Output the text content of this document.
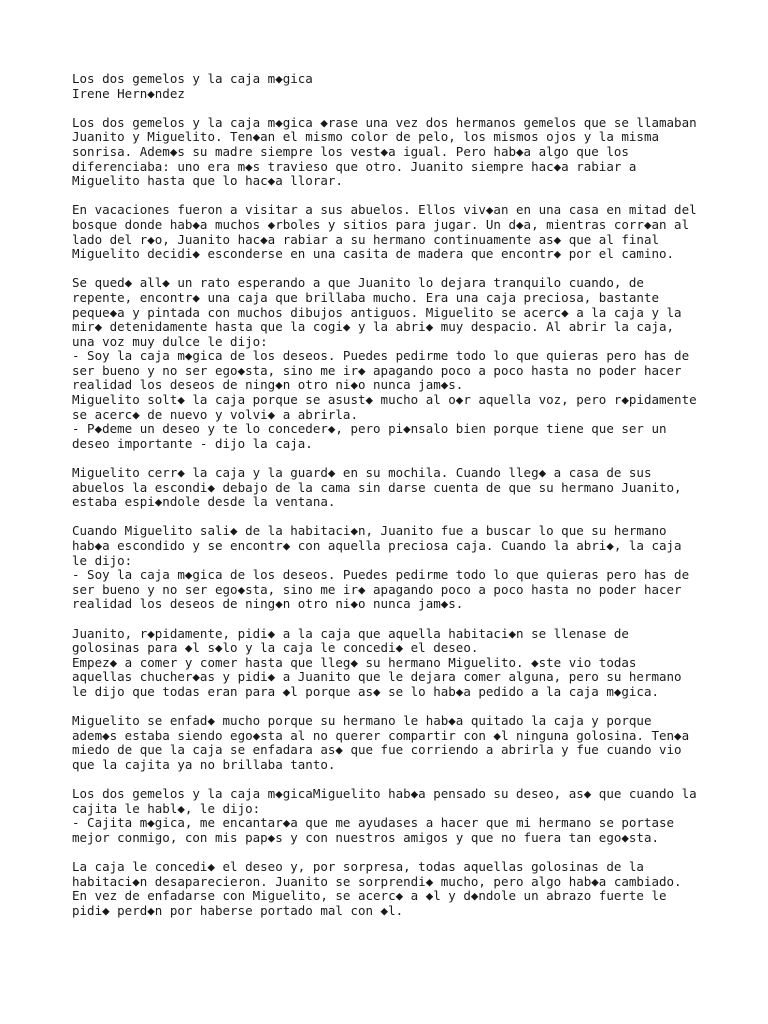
Los dos gemelos y la caja m◆gica
Irene Hern◆ndez
Los dos gemelos y la caja m◆gica ◆rase una vez dos hermanos gemelos que se llamaban
Juanito y Miguelito. Ten◆an el mismo color de pelo, los mismos ojos y la misma
sonrisa. Adem◆s su madre siempre los vest◆a igual. Pero hab◆a algo que los
diferenciaba: uno era m◆s travieso que otro. Juanito siempre hac◆a rabiar a
Miguelito hasta que lo hac◆a llorar.
En vacaciones fueron a visitar a sus abuelos. Ellos viv◆an en una casa en mitad del
bosque donde hab◆a muchos ◆rboles y sitios para jugar. Un d◆a, mientras corr◆an al
lado del r◆o, Juanito hac◆a rabiar a su hermano continuamente as◆ que al final
Miguelito decidi◆ esconderse en una casita de madera que encontr◆ por el camino.
Se qued◆ all◆ un rato esperando a que Juanito lo dejara tranquilo cuando, de
repente, encontr◆ una caja que brillaba mucho. Era una caja preciosa, bastante
peque◆a y pintada con muchos dibujos antiguos. Miguelito se acerc◆ a la caja y la
mir◆ detenidamente hasta que la cogi◆ y la abri◆ muy despacio. Al abrir la caja,
una voz muy dulce le dijo:
- Soy la caja m◆gica de los deseos. Puedes pedirme todo lo que quieras pero has de
ser bueno y no ser ego◆sta, sino me ir◆ apagando poco a poco hasta no poder hacer
realidad los deseos de ning◆n otro ni◆o nunca jam◆s.
Miguelito solt◆ la caja porque se asust◆ mucho al o◆r aquella voz, pero r◆pidamente
se acerc◆ de nuevo y volvi◆ a abrirla.
- P◆deme un deseo y te lo conceder◆, pero pi◆nsalo bien porque tiene que ser un
deseo importante - dijo la caja.
Miguelito cerr◆ la caja y la guard◆ en su mochila. Cuando lleg◆ a casa de sus
abuelos la escondi◆ debajo de la cama sin darse cuenta de que su hermano Juanito,
estaba espi◆ndole desde la ventana.
Cuando Miguelito sali◆ de la habitaci◆n, Juanito fue a buscar lo que su hermano
hab◆a escondido y se encontr◆ con aquella preciosa caja. Cuando la abri◆, la caja
le dijo:
- Soy la caja m◆gica de los deseos. Puedes pedirme todo lo que quieras pero has de
ser bueno y no ser ego◆sta, sino me ir◆ apagando poco a poco hasta no poder hacer
realidad los deseos de ning◆n otro ni◆o nunca jam◆s.
Juanito, r◆pidamente, pidi◆ a la caja que aquella habitaci◆n se llenase de
golosinas para ◆l s◆lo y la caja le concedi◆ el deseo.
Empez◆ a comer y comer hasta que lleg◆ su hermano Miguelito. ◆ste vio todas
aquellas chucher◆as y pidi◆ a Juanito que le dejara comer alguna, pero su hermano
le dijo que todas eran para ◆l porque as◆ se lo hab◆a pedido a la caja m◆gica.
Miguelito se enfad◆ mucho porque su hermano le hab◆a quitado la caja y porque
adem◆s estaba siendo ego◆sta al no querer compartir con ◆l ninguna golosina. Ten◆a
miedo de que la caja se enfadara as◆ que fue corriendo a abrirla y fue cuando vio
que la cajita ya no brillaba tanto.
Los dos gemelos y la caja m◆gicaMiguelito hab◆a pensado su deseo, as◆ que cuando la
cajita le habl◆, le dijo:
- Cajita m◆gica, me encantar◆a que me ayudases a hacer que mi hermano se portase
mejor conmigo, con mis pap◆s y con nuestros amigos y que no fuera tan ego◆sta.
La caja le concedi◆ el deseo y, por sorpresa, todas aquellas golosinas de la
habitaci◆n desaparecieron. Juanito se sorprendi◆ mucho, pero algo hab◆a cambiado.
En vez de enfadarse con Miguelito, se acerc◆ a ◆l y d◆ndole un abrazo fuerte le
pidi◆ perd◆n por haberse portado mal con ◆l.
